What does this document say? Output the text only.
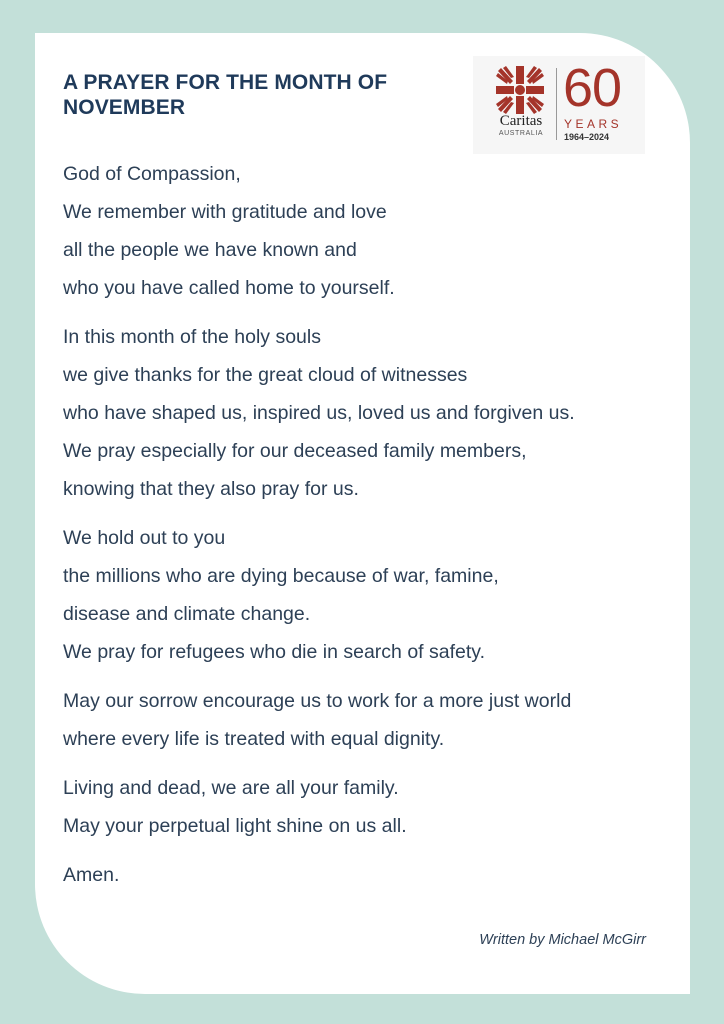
A PRAYER FOR THE MONTH OF
NOVEMBER
Caritas
AUSTRALIA
60
YEARS
1964–2024
God of Compassion,
We remember with gratitude and love
all the people we have known and
who you have called home to yourself.
In this month of the holy souls
we give thanks for the great cloud of witnesses
who have shaped us, inspired us, loved us and forgiven us.
We pray especially for our deceased family members,
knowing that they also pray for us.
We hold out to you
the millions who are dying because of war, famine,
disease and climate change.
We pray for refugees who die in search of safety.
May our sorrow encourage us to work for a more just world
where every life is treated with equal dignity.
Living and dead, we are all your family.
May your perpetual light shine on us all.
Amen.
Written by Michael McGirr
